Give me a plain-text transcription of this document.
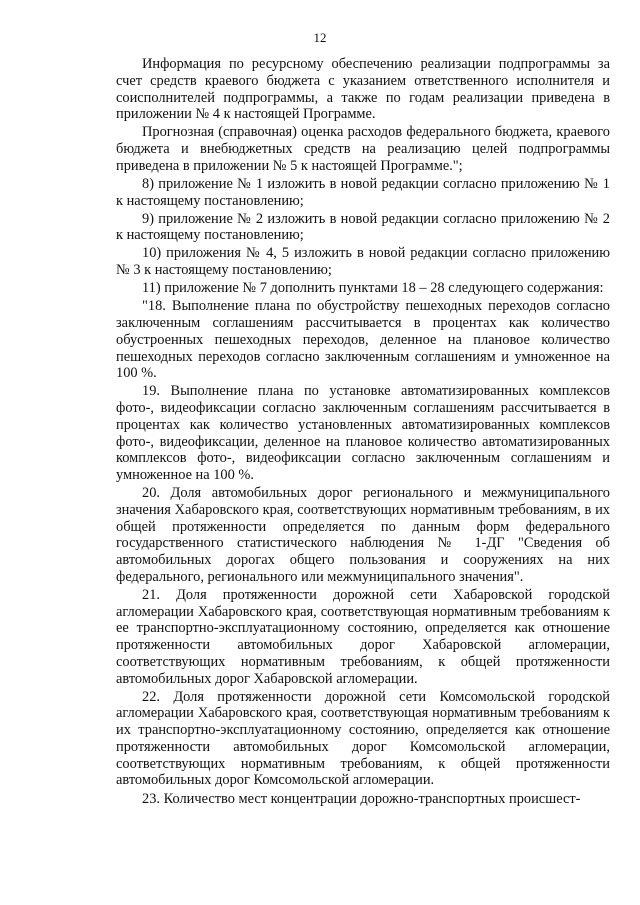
12

Информация по ресурсному обеспечению реализации подпрограммы за счет средств краевого бюджета с указанием ответственного исполнителя и соисполнителей подпрограммы, а также по годам реализации приведена в приложении № 4 к настоящей Программе.

Прогнозная (справочная) оценка расходов федерального бюджета, краевого бюджета и внебюджетных средств на реализацию целей подпрограммы приведена в приложении № 5 к настоящей Программе.";

8) приложение № 1 изложить в новой редакции согласно приложению № 1 к настоящему постановлению;

9) приложение № 2 изложить в новой редакции согласно приложению № 2 к настоящему постановлению;

10) приложения № 4, 5 изложить в новой редакции согласно приложению № 3 к настоящему постановлению;

11) приложение № 7 дополнить пунктами 18 – 28 следующего содержания:

"18. Выполнение плана по обустройству пешеходных переходов согласно заключенным соглашениям рассчитывается в процентах как количество обустроенных пешеходных переходов, деленное на плановое количество пешеходных переходов согласно заключенным соглашениям и умноженное на 100 %.

19. Выполнение плана по установке автоматизированных комплексов фото-, видеофиксации согласно заключенным соглашениям рассчитывается в процентах как количество установленных автоматизированных комплексов фото-, видеофиксации, деленное на плановое количество автоматизированных комплексов фото-, видеофиксации согласно заключенным соглашениям и умноженное на 100 %.

20. Доля автомобильных дорог регионального и межмуниципального значения Хабаровского края, соответствующих нормативным требованиям, в их общей протяженности определяется по данным форм федерального государственного статистического наблюдения № 1-ДГ "Сведения об автомобильных дорогах общего пользования и сооружениях на них федерального, регионального или межмуниципального значения".

21. Доля протяженности дорожной сети Хабаровской городской агломерации Хабаровского края, соответствующая нормативным требованиям к ее транспортно-эксплуатационному состоянию, определяется как отношение протяженности автомобильных дорог Хабаровской агломерации, соответствующих нормативным требованиям, к общей протяженности автомобильных дорог Хабаровской агломерации.

22. Доля протяженности дорожной сети Комсомольской городской агломерации Хабаровского края, соответствующая нормативным требованиям к их транспортно-эксплуатационному состоянию, определяется как отношение протяженности автомобильных дорог Комсомольской агломерации, соответствующих нормативным требованиям, к общей протяженности автомобильных дорог Комсомольской агломерации.

23. Количество мест концентрации дорожно-транспортных происшест-
